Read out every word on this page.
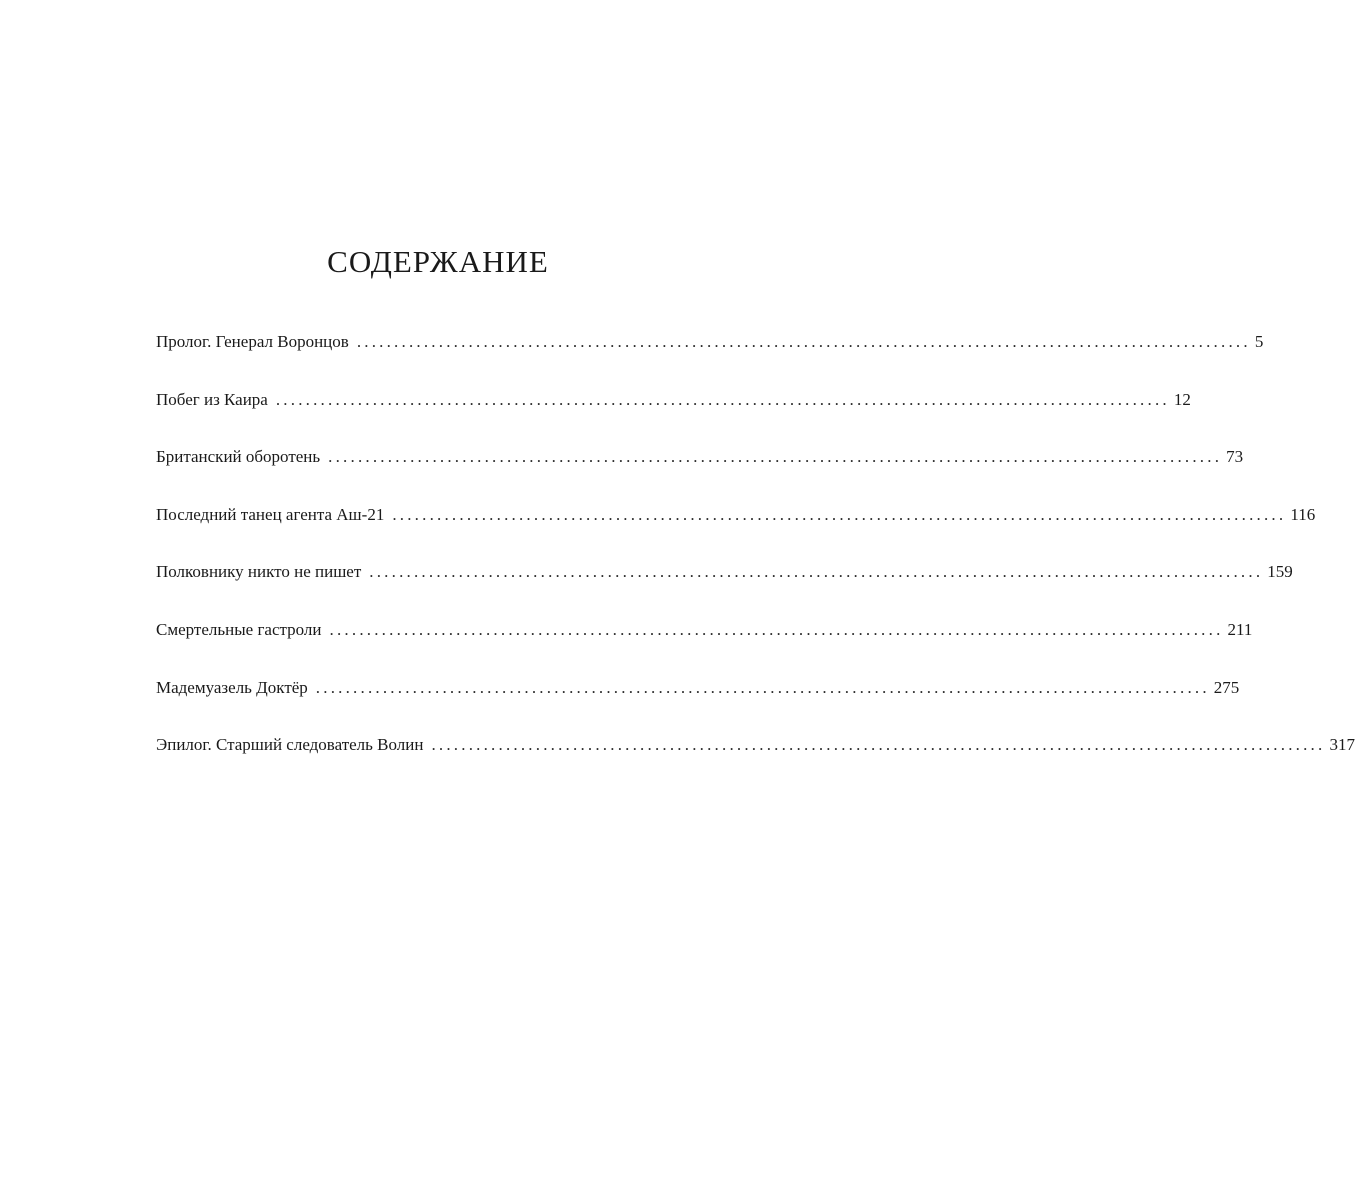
СОДЕРЖАНИЕ
Пролог. Генерал Воронцов ........................................................................................................................ 5
Побег из Каира ........................................................................................................................ 12
Британский оборотень ........................................................................................................................ 73
Последний танец агента Аш-21 ........................................................................................................................ 116
Полковнику никто не пишет ........................................................................................................................ 159
Смертельные гастроли ........................................................................................................................ 211
Мадемуазель Доктёр ........................................................................................................................ 275
Эпилог. Старший следователь Волин ........................................................................................................................ 317
